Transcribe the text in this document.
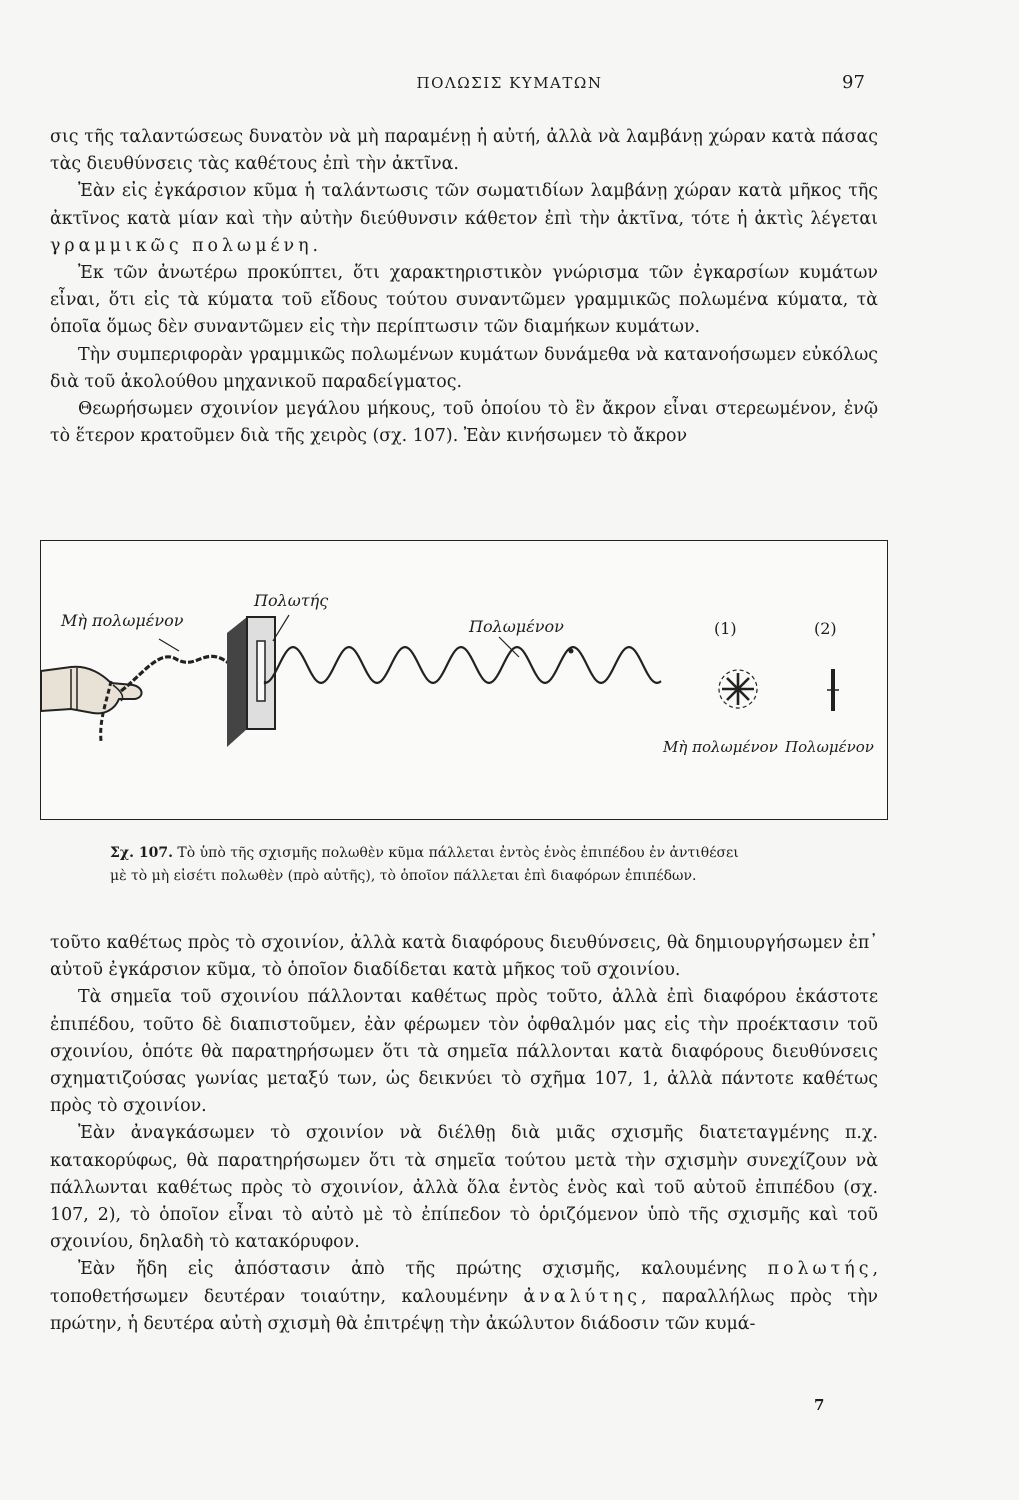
ΠΟΛΩΣΙΣ ΚΥΜΑΤΩΝ	97

σις τῆς ταλαντώσεως δυνατὸν νὰ μὴ παραμένῃ ἡ αὐτή, ἀλλὰ νὰ λαμβάνῃ χώραν κατὰ πάσας τὰς διευθύνσεις τὰς καθέτους ἐπὶ τὴν ἀκτῖνα.

Ἐὰν εἰς ἐγκάρσιον κῦμα ἡ ταλάντωσις τῶν σωματιδίων λαμβάνῃ χώραν κατὰ μῆκος τῆς ἀκτῖνος κατὰ μίαν καὶ τὴν αὐτὴν διεύθυνσιν κάθετον ἐπὶ τὴν ἀκτῖνα, τότε ἡ ἀκτὶς λέγεται γραμμικῶς πολωμένη.

Ἐκ τῶν ἀνωτέρω προκύπτει, ὅτι χαρακτηριστικὸν γνώρισμα τῶν ἐγκαρσίων κυμάτων εἶναι, ὅτι εἰς τὰ κύματα τοῦ εἴδους τούτου συναντῶμεν γραμμικῶς πολωμένα κύματα, τὰ ὁποῖα ὅμως δὲν συναντῶμεν εἰς τὴν περίπτωσιν τῶν διαμήκων κυμάτων.

Τὴν συμπεριφορὰν γραμμικῶς πολωμένων κυμάτων δυνάμεθα νὰ κατανοήσωμεν εὐκόλως διὰ τοῦ ἀκολούθου μηχανικοῦ παραδείγματος.

Θεωρήσωμεν σχοινίον μεγάλου μήκους, τοῦ ὁποίου τὸ ἓν ἄκρον εἶναι στερεωμένον, ἐνῷ τὸ ἕτερον κρατοῦμεν διὰ τῆς χειρὸς (σχ. 107). Ἐὰν κινήσωμεν τὸ ἄκρον

Μὴ πολωμένον
Πολωτής
Πολωμένον	(1)	(2)
Μὴ πολωμένον Πολωμένον

Σχ. 107. Τὸ ὑπὸ τῆς σχισμῆς πολωθὲν κῦμα πάλλεται ἐντὸς ἑνὸς ἐπιπέδου ἐν ἀντιθέσει

μὲ τὸ μὴ εἰσέτι πολωθὲν (πρὸ αὐτῆς), τὸ ὁποῖον πάλλεται ἐπὶ διαφόρων ἐπιπέδων.

τοῦτο καθέτως πρὸς τὸ σχοινίον, ἀλλὰ κατὰ διαφόρους διευθύνσεις, θὰ δημιουργήσωμεν ἐπ᾽ αὐτοῦ ἐγκάρσιον κῦμα, τὸ ὁποῖον διαδίδεται κατὰ μῆκος τοῦ σχοινίου.

Τὰ σημεῖα τοῦ σχοινίου πάλλονται καθέτως πρὸς τοῦτο, ἀλλὰ ἐπὶ διαφόρου ἑκάστοτε ἐπιπέδου, τοῦτο δὲ διαπιστοῦμεν, ἐὰν φέρωμεν τὸν ὀφθαλμόν μας εἰς τὴν προέκτασιν τοῦ σχοινίου, ὁπότε θὰ παρατηρήσωμεν ὅτι τὰ σημεῖα πάλλονται κατὰ διαφόρους διευθύνσεις σχηματιζούσας γωνίας μεταξύ των, ὡς δεικνύει τὸ σχῆμα 107, 1, ἀλλὰ πάντοτε καθέτως πρὸς τὸ σχοινίον.

Ἐὰν ἀναγκάσωμεν τὸ σχοινίον νὰ διέλθῃ διὰ μιᾶς σχισμῆς διατεταγμένης π.χ. κατακορύφως, θὰ παρατηρήσωμεν ὅτι τὰ σημεῖα τούτου μετὰ τὴν σχισμὴν συνεχίζουν νὰ πάλλωνται καθέτως πρὸς τὸ σχοινίον, ἀλλὰ ὅλα ἐντὸς ἑνὸς καὶ τοῦ αὐτοῦ ἐπιπέδου (σχ. 107, 2), τὸ ὁποῖον εἶναι τὸ αὐτὸ μὲ τὸ ἐπίπεδον τὸ ὁριζόμενον ὑπὸ τῆς σχισμῆς καὶ τοῦ σχοινίου, δηλαδὴ τὸ κατακόρυφον.

Ἐὰν ἤδη εἰς ἀπόστασιν ἀπὸ τῆς πρώτης σχισμῆς, καλουμένης πολωτής, τοποθετήσωμεν δευτέραν τοιαύτην, καλουμένην ἀναλύτης, παραλλήλως πρὸς τὴν πρώτην, ἡ δευτέρα αὐτὴ σχισμὴ θὰ ἐπιτρέψῃ τὴν ἀκώλυτον διάδοσιν τῶν κυμά-

7
